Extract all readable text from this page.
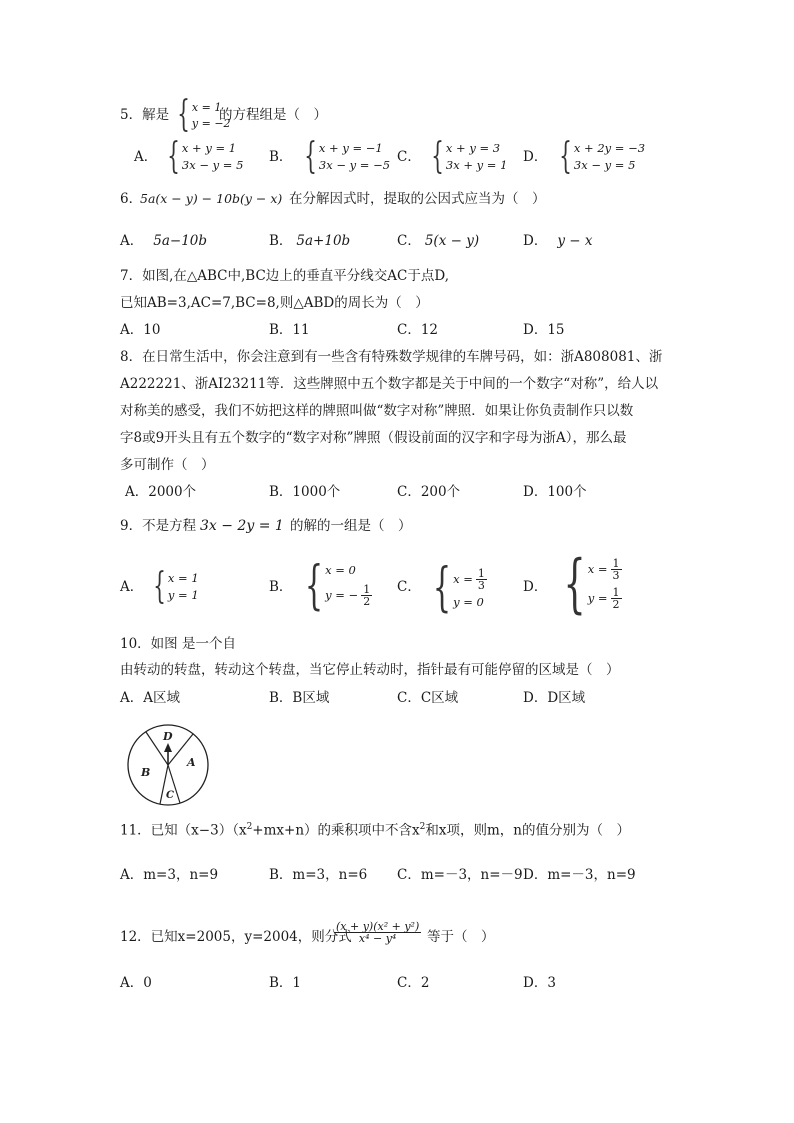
5．解是 { x = 1
y = −2
的方程组是（　）
A． { x + y = 1
3x − y = 5 B． { x + y = −1
3x − y = −5 C． { x + y = 3
3x + y = 1 D． { x + 2y = −3
3x − y = 5
6．
5a(x − y) − 10b(y − x) 在分解因式时，提取的公因式应当为（　）
A． 5a−10b	B． 5a+10b	C． 5(x − y)	D． y − x
7．如图,在△ABC中,BC边上的垂直平分线交AC于点D,
已知AB=3,AC=7,BC=8,则△ABD的周长为（　）
A．10	B．11	C．12	D．15
8．在日常生活中，你会注意到有一些含有特殊数学规律的车牌号码，如：浙A808081、浙
A222221、浙AI23211等．这些牌照中五个数字都是关于中间的一个数字“对称”，给人以
对称美的感受，我们不妨把这样的牌照叫做“数字对称”牌照．如果让你负责制作只以数
字8或9开头且有五个数字的“数字对称”牌照（假设前面的汉字和字母为浙A），那么最
多可制作（　）
A．2000个	B．1000个	C．200个	D．100个
9．不是方程 3x − 2y = 1 的解的一组是（　）
A． { x = 1
y = 1	B． { x = 0
y = − $\frac{1}{2}$ C． { $x = \frac{1}{3}$
y = 0
D． { $x = \frac{1}{3}$
$y = \frac{1}{2}$
10．如图 是一个自
由转动的转盘，转动这个转盘，当它停止转动时，指针最有可能停留的区域是（　）
A．A区域	B．B区域	C．C区域	D．D区域
D
A
B
C
11．已知$(x-3)(x^2+mx+n)$的乘积项中不含$x^2$和x项，则m，n的值分别为（　）
A．m=3，n=9	B．m=3，n=6 C．m=－3，n=－9 D．m=－3，n=9
12．已知x=2005，y=2004，则分式
$\frac{\text{(x + y)(x² + y²)}}{\text{x⁴ − y⁴}}$ 等于（　）
A．0	B．1	C．2	D．3
